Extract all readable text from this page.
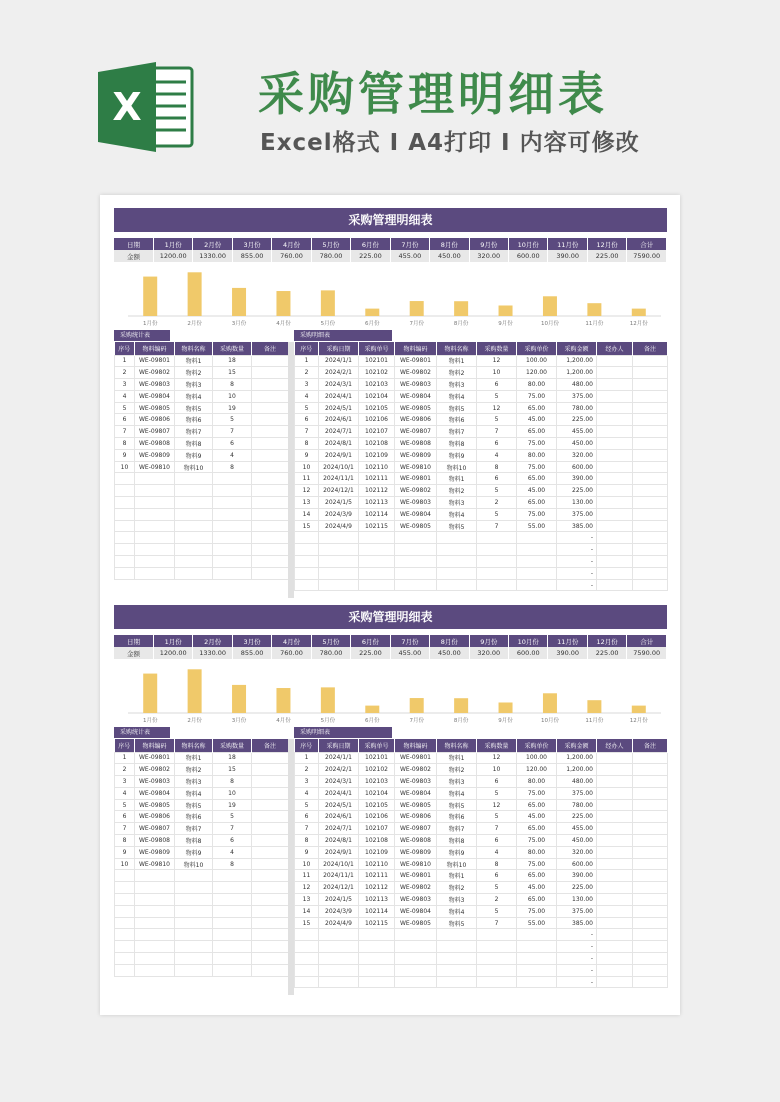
X	采购管理明细表
Excel格式 I A4打印 I 内容可修改
采购管理明细表
日期	1月份	2月份	3月份	4月份	5月份	6月份	7月份	8月份	9月份	10月份	11月份	12月份	合计
金额	1200.00	1330.00	855.00	760.00	780.00	225.00	455.00	450.00	320.00	600.00	390.00	225.00	7590.00
1月份	2月份	3月份	4月份	5月份	6月份	7月份	8月份	9月份	10月份	11月份	12月份
采购统计表
序号	物料编码	物料名称	采购数量	备注
1	WE-09801	物料1	18	
2	WE-09802	物料2	15	
3	WE-09803	物料3	8	
4	WE-09804	物料4	10	
5	WE-09805	物料5	19	
6	WE-09806	物料6	5	
7	WE-09807	物料7	7	
8	WE-09808	物料8	6	
9	WE-09809	物料9	4	
10	WE-09810	物料10	8	

采购明细表
序号	采购日期	采购单号	物料编码	物料名称	采购数量	采购单价	采购金额	经办人	备注
1	2024/1/1	102101	WE-09801	物料1	12	100.00	1,200.00		
2	2024/2/1	102102	WE-09802	物料2	10	120.00	1,200.00		
3	2024/3/1	102103	WE-09803	物料3	6	80.00	480.00		
4	2024/4/1	102104	WE-09804	物料4	5	75.00	375.00		
5	2024/5/1	102105	WE-09805	物料5	12	65.00	780.00		
6	2024/6/1	102106	WE-09806	物料6	5	45.00	225.00		
7	2024/7/1	102107	WE-09807	物料7	7	65.00	455.00		
8	2024/8/1	102108	WE-09808	物料8	6	75.00	450.00		
9	2024/9/1	102109	WE-09809	物料9	4	80.00	320.00		
10	2024/10/1	102110	WE-09810	物料10	8	75.00	600.00		
11	2024/11/1	102111	WE-09801	物料1	6	65.00	390.00		
12	2024/12/1	102112	WE-09802	物料2	5	45.00	225.00		
13	2024/1/5	102113	WE-09803	物料3	2	65.00	130.00		
14	2024/3/9	102114	WE-09804	物料4	5	75.00	375.00		
15	2024/4/9	102115	WE-09805	物料5	7	55.00	385.00		
							-		
							-		
							-		
							-		
							-		
采购管理明细表
日期	1月份	2月份	3月份	4月份	5月份	6月份	7月份	8月份	9月份	10月份	11月份	12月份	合计
金额	1200.00	1330.00	855.00	760.00	780.00	225.00	455.00	450.00	320.00	600.00	390.00	225.00	7590.00
1月份	2月份	3月份	4月份	5月份	6月份	7月份	8月份	9月份	10月份	11月份	12月份
采购统计表
序号	物料编码	物料名称	采购数量	备注
1	WE-09801	物料1	18	
2	WE-09802	物料2	15	
3	WE-09803	物料3	8	
4	WE-09804	物料4	10	
5	WE-09805	物料5	19	
6	WE-09806	物料6	5	
7	WE-09807	物料7	7	
8	WE-09808	物料8	6	
9	WE-09809	物料9	4	
10	WE-09810	物料10	8	

采购明细表
序号	采购日期	采购单号	物料编码	物料名称	采购数量	采购单价	采购金额	经办人	备注
1	2024/1/1	102101	WE-09801	物料1	12	100.00	1,200.00		
2	2024/2/1	102102	WE-09802	物料2	10	120.00	1,200.00		
3	2024/3/1	102103	WE-09803	物料3	6	80.00	480.00		
4	2024/4/1	102104	WE-09804	物料4	5	75.00	375.00		
5	2024/5/1	102105	WE-09805	物料5	12	65.00	780.00		
6	2024/6/1	102106	WE-09806	物料6	5	45.00	225.00		
7	2024/7/1	102107	WE-09807	物料7	7	65.00	455.00		
8	2024/8/1	102108	WE-09808	物料8	6	75.00	450.00		
9	2024/9/1	102109	WE-09809	物料9	4	80.00	320.00		
10	2024/10/1	102110	WE-09810	物料10	8	75.00	600.00		
11	2024/11/1	102111	WE-09801	物料1	6	65.00	390.00		
12	2024/12/1	102112	WE-09802	物料2	5	45.00	225.00		
13	2024/1/5	102113	WE-09803	物料3	2	65.00	130.00		
14	2024/3/9	102114	WE-09804	物料4	5	75.00	375.00		
15	2024/4/9	102115	WE-09805	物料5	7	55.00	385.00		
							-		
							-		
							-		
							-		
							-		
